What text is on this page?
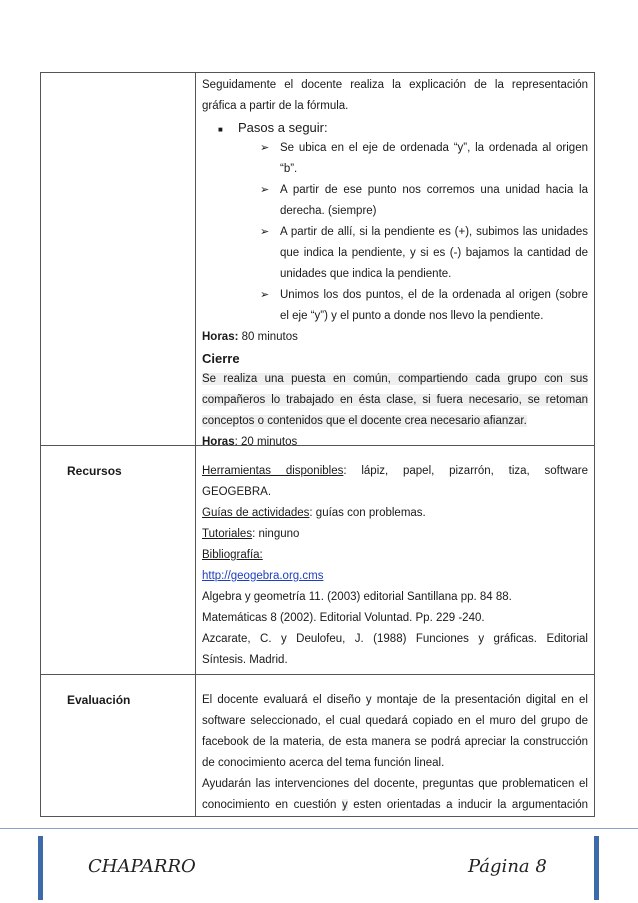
Seguidamente el docente realiza la explicación de la representación
gráfica a partir de la fórmula.
■ Pasos a seguir:
➢ Se ubica en el eje de ordenada “y”, la ordenada al origen
“b”.
➢ A partir de ese punto nos corremos una unidad hacia la
derecha. (siempre)
➢ A partir de allí, si la pendiente es (+), subimos las unidades
que indica la pendiente, y si es (-) bajamos la cantidad de
unidades que indica la pendiente.
➢ Unimos los dos puntos, el de la ordenada al origen (sobre
el eje “y”) y el punto a donde nos llevo la pendiente.
Horas: 80 minutos
Cierre
Se realiza una puesta en común, compartiendo cada grupo con sus
compañeros lo trabajado en ésta clase, si fuera necesario, se retoman
conceptos o contenidos que el docente crea necesario afianzar.
Horas: 20 minutos
Recursos	Herramientas disponibles: lápiz, papel, pizarrón, tiza, software
GEOGEBRA.
Guías de actividades: guías con problemas.
Tutoriales: ninguno
Bibliografía:
http://geogebra.org.cms
Algebra y geometría 11. (2003) editorial Santillana pp. 84 88.
Matemáticas 8 (2002). Editorial Voluntad. Pp. 229 -240.
Azcarate, C. y Deulofeu, J. (1988) Funciones y gráficas. Editorial
Síntesis. Madrid.
Evaluación	El docente evaluará el diseño y montaje de la presentación digital en el
software seleccionado, el cual quedará copiado en el muro del grupo de
facebook de la materia, de esta manera se podrá apreciar la construcción
de conocimiento acerca del tema función lineal.
Ayudarán las intervenciones del docente, preguntas que problematicen el
conocimiento en cuestión y esten orientadas a inducir la argumentación
CHAPARRO	Página 8
